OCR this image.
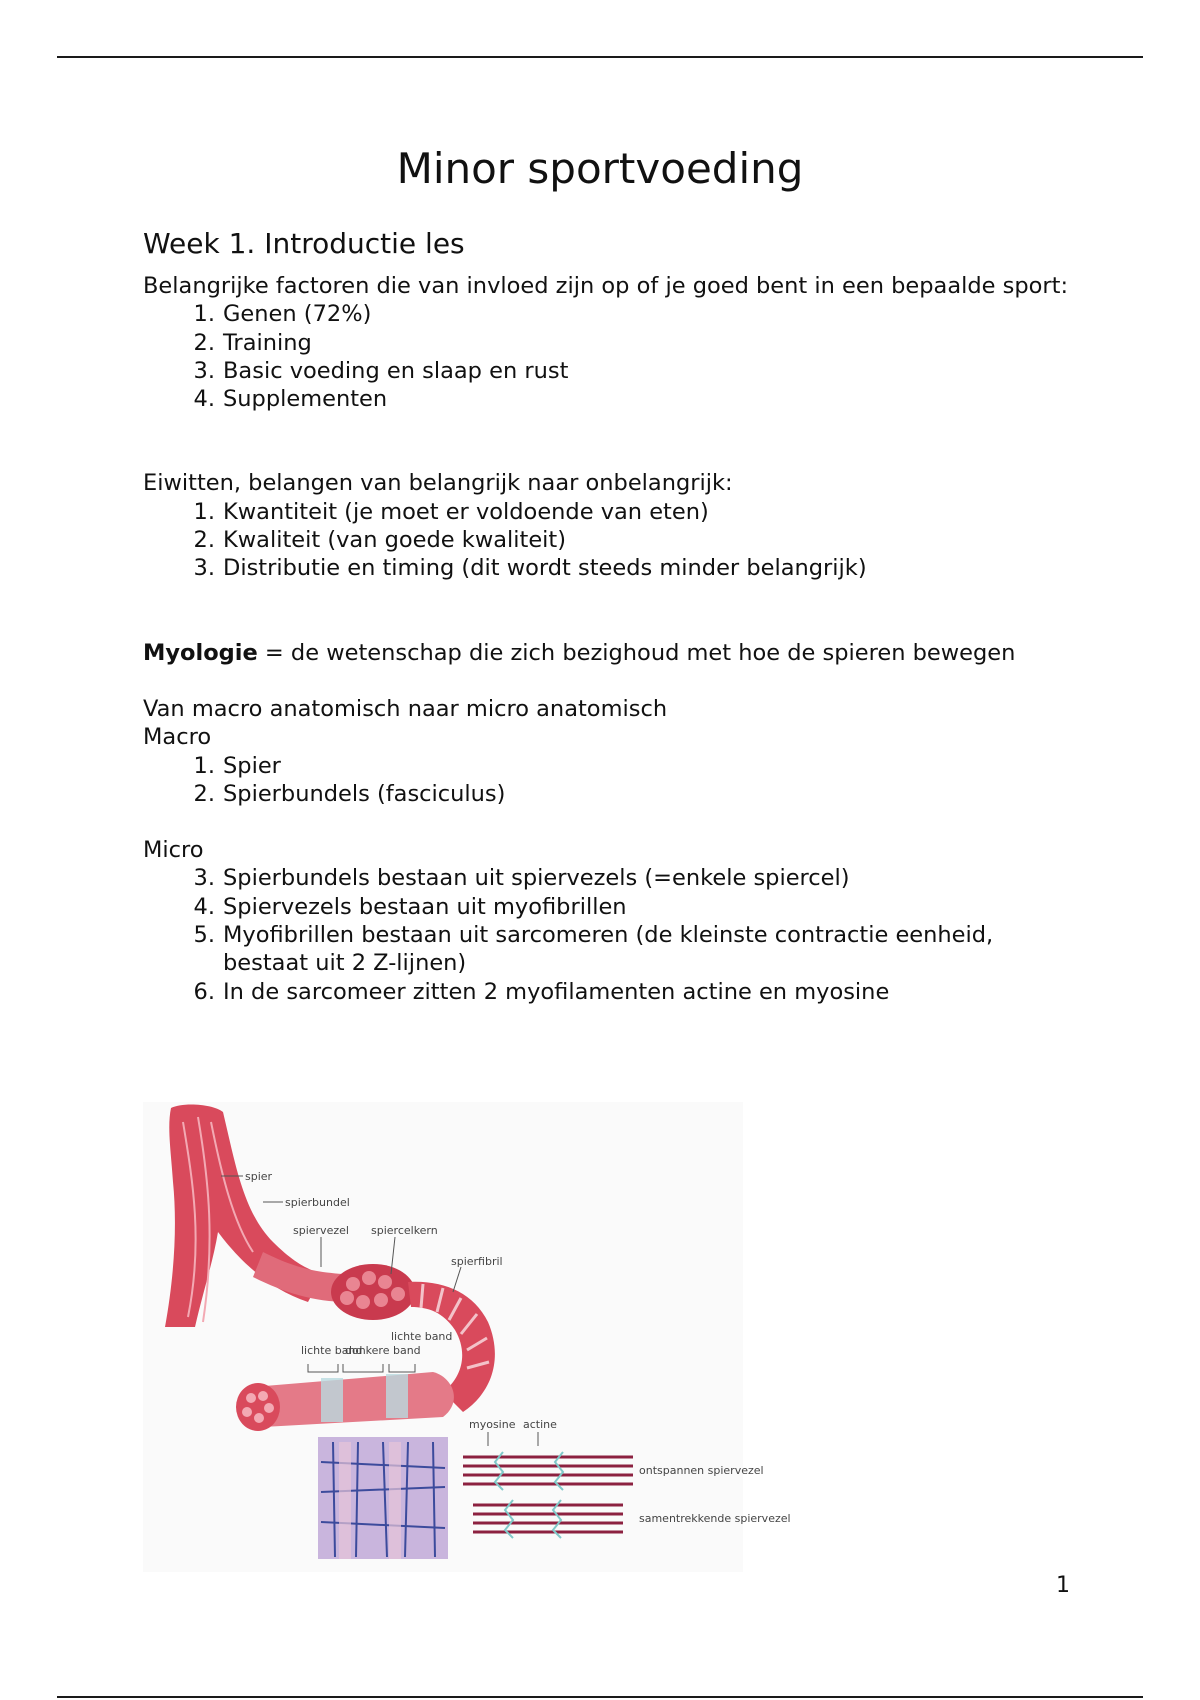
Minor sportvoeding
Week 1. Introductie les

Belangrijke factoren die van invloed zijn op of je goed bent in een bepaalde sport:

1. Genen (72%)
2. Training
3. Basic voeding en slaap en rust
4. Supplementen

Eiwitten, belangen van belangrijk naar onbelangrijk:

1. Kwantiteit (je moet er voldoende van eten)
2. Kwaliteit (van goede kwaliteit)
3. Distributie en timing (dit wordt steeds minder belangrijk)

Myologie = de wetenschap die zich bezighoud met hoe de spieren bewegen

Van macro anatomisch naar micro anatomisch

Macro

1. Spier
2. Spierbundels (fasciculus)

Micro

3. Spierbundels bestaan uit spiervezels (=enkele spiercel)
4. Spiervezels bestaan uit myofibrillen
5. Myofibrillen bestaan uit sarcomeren (de kleinste contractie eenheid, bestaat uit 2 Z-lijnen)
6. In de sarcomeer zitten 2 myofilamenten actine en myosine
spier
spierbundel
spiervezel spiercelkern
spierfibril
lichte band
donkere band
lichte band
myosine actine
ontspannen spiervezel
samentrekkende spiervezel
1
